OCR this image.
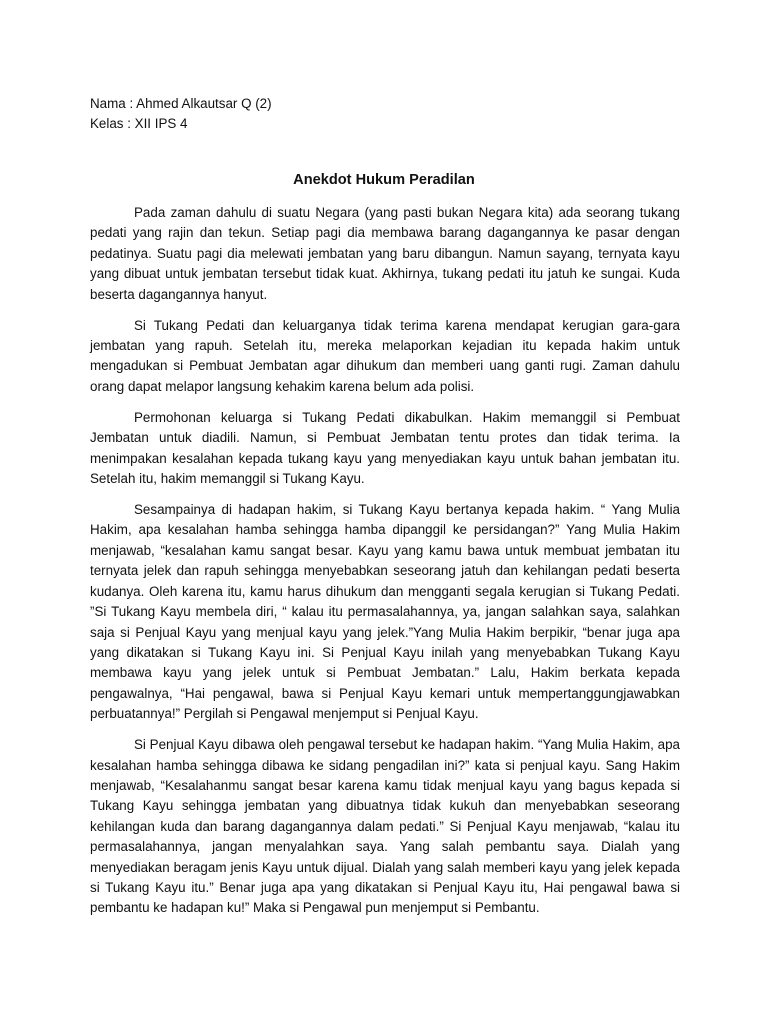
Nama : Ahmed Alkautsar Q (2)
Kelas : XII IPS 4
Anekdot Hukum Peradilan

Pada zaman dahulu di suatu Negara (yang pasti bukan Negara kita) ada seorang tukang pedati yang rajin dan tekun. Setiap pagi dia membawa barang dagangannya ke pasar dengan pedatinya. Suatu pagi dia melewati jembatan yang baru dibangun. Namun sayang, ternyata kayu yang dibuat untuk jembatan tersebut tidak kuat. Akhirnya, tukang pedati itu jatuh ke sungai. Kuda beserta dagangannya hanyut.

Si Tukang Pedati dan keluarganya tidak terima karena mendapat kerugian gara-gara jembatan yang rapuh. Setelah itu, mereka melaporkan kejadian itu kepada hakim untuk mengadukan si Pembuat Jembatan agar dihukum dan memberi uang ganti rugi. Zaman dahulu orang dapat melapor langsung kehakim karena belum ada polisi.

Permohonan keluarga si Tukang Pedati dikabulkan. Hakim memanggil si Pembuat Jembatan untuk diadili. Namun, si Pembuat Jembatan tentu protes dan tidak terima. Ia menimpakan kesalahan kepada tukang kayu yang menyediakan kayu untuk bahan jembatan itu. Setelah itu, hakim memanggil si Tukang Kayu.

Sesampainya di hadapan hakim, si Tukang Kayu bertanya kepada hakim. “ Yang Mulia Hakim, apa kesalahan hamba sehingga hamba dipanggil ke persidangan?” Yang Mulia Hakim menjawab, “kesalahan kamu sangat besar. Kayu yang kamu bawa untuk membuat jembatan itu ternyata jelek dan rapuh sehingga menyebabkan seseorang jatuh dan kehilangan pedati beserta kudanya. Oleh karena itu, kamu harus dihukum dan mengganti segala kerugian si Tukang Pedati. ”Si Tukang Kayu membela diri, “ kalau itu permasalahannya, ya, jangan salahkan saya, salahkan saja si Penjual Kayu yang menjual kayu yang jelek.”Yang Mulia Hakim berpikir, “benar juga apa yang dikatakan si Tukang Kayu ini. Si Penjual Kayu inilah yang menyebabkan Tukang Kayu membawa kayu yang jelek untuk si Pembuat Jembatan.” Lalu, Hakim berkata kepada pengawalnya, “Hai pengawal, bawa si Penjual Kayu kemari untuk mempertanggungjawabkan perbuatannya!” Pergilah si Pengawal menjemput si Penjual Kayu.

Si Penjual Kayu dibawa oleh pengawal tersebut ke hadapan hakim. “Yang Mulia Hakim, apa kesalahan hamba sehingga dibawa ke sidang pengadilan ini?” kata si penjual kayu. Sang Hakim menjawab, “Kesalahanmu sangat besar karena kamu tidak menjual kayu yang bagus kepada si Tukang Kayu sehingga jembatan yang dibuatnya tidak kukuh dan menyebabkan seseorang kehilangan kuda dan barang dagangannya dalam pedati.” Si Penjual Kayu menjawab, “kalau itu permasalahannya, jangan menyalahkan saya. Yang salah pembantu saya. Dialah yang menyediakan beragam jenis Kayu untuk dijual. Dialah yang salah memberi kayu yang jelek kepada si Tukang Kayu itu.” Benar juga apa yang dikatakan si Penjual Kayu itu, Hai pengawal bawa si pembantu ke hadapan ku!” Maka si Pengawal pun menjemput si Pembantu.
